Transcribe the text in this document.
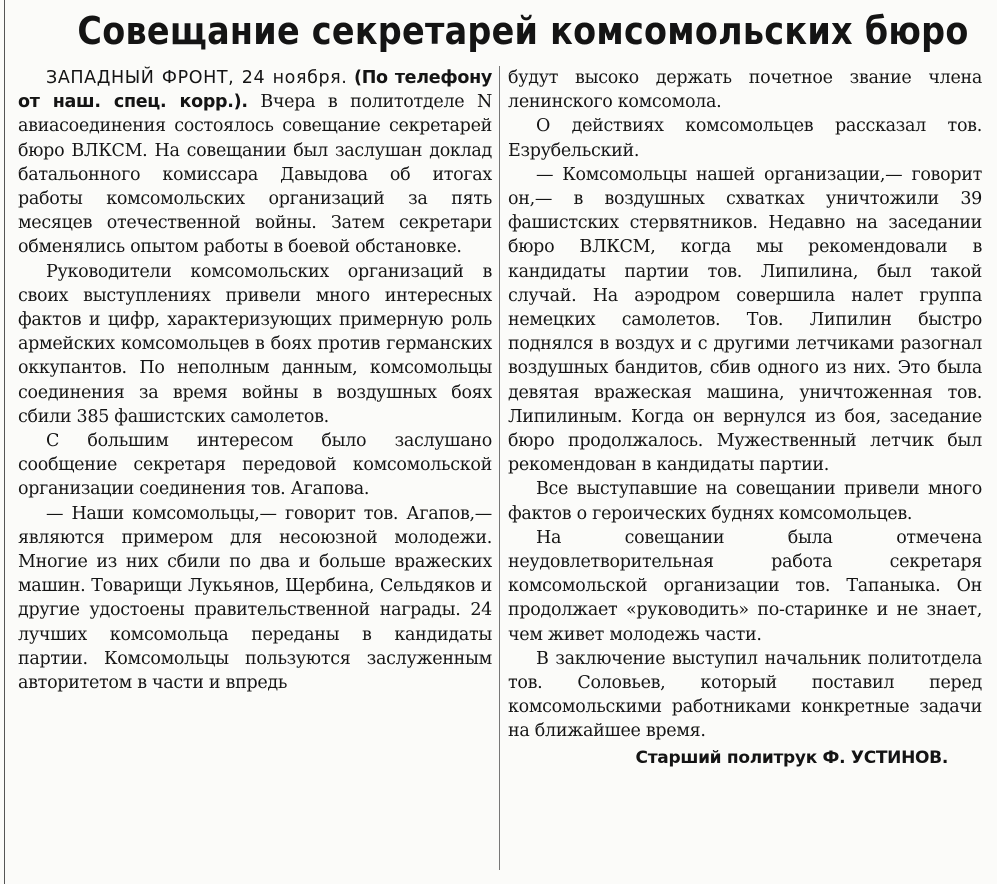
Совещание секретарей комсомольских бюро

ЗАПАДНЫЙ ФРОНТ, 24 ноября. (По телефону от наш. спец. корр.). Вчера в политотделе N авиасоединения состоялось совещание секретарей бюро ВЛКСМ. На совещании был заслушан доклад батальонного комиссара Давыдова об итогах работы комсомольских организаций за пять месяцев отечественной войны. Затем секретари обменялись опытом работы в боевой обстановке.

Руководители комсомольских организаций в своих выступлениях привели много интересных фактов и цифр, характеризующих примерную роль армейских комсомольцев в боях против германских оккупантов. По неполным данным, комсомольцы соединения за время войны в воздушных боях сбили 385 фашистских самолетов.

С большим интересом было заслушано сообщение секретаря передовой комсомольской организации соединения тов. Агапова.

— Наши комсомольцы,— говорит тов. Агапов,— являются примером для несоюзной молодежи. Многие из них сбили по два и больше вражеских машин. Товарищи Лукьянов, Щербина, Сельдяков и другие удостоены правительственной награды. 24 лучших комсомольца переданы в кандидаты партии. Комсомольцы пользуются заслуженным авторитетом в части и впредь

будут высоко держать почетное звание члена ленинского комсомола.

О действиях комсомольцев рассказал тов. Езрубельский.

— Комсомольцы нашей организации,— говорит он,— в воздушных схватках уничтожили 39 фашистских стервятников. Недавно на заседании бюро ВЛКСМ, когда мы рекомендовали в кандидаты партии тов. Липилина, был такой случай. На аэродром совершила налет группа немецких самолетов. Тов. Липилин быстро поднялся в воздух и с другими летчиками разогнал воздушных бандитов, сбив одного из них. Это была девятая вражеская машина, уничтоженная тов. Липилиным. Когда он вернулся из боя, заседание бюро продолжалось. Мужественный летчик был рекомендован в кандидаты партии.

Все выступавшие на совещании привели много фактов о героических буднях комсомольцев.

На совещании была отмечена неудовлетворительная работа секретаря комсомольской организации тов. Тапаныка. Он продолжает «руководить» по-старинке и не знает, чем живет молодежь части.

В заключение выступил начальник политотдела тов. Соловьев, который поставил перед комсомольскими работниками конкретные задачи на ближайшее время.

Старший политрук Ф. УСТИНОВ.
